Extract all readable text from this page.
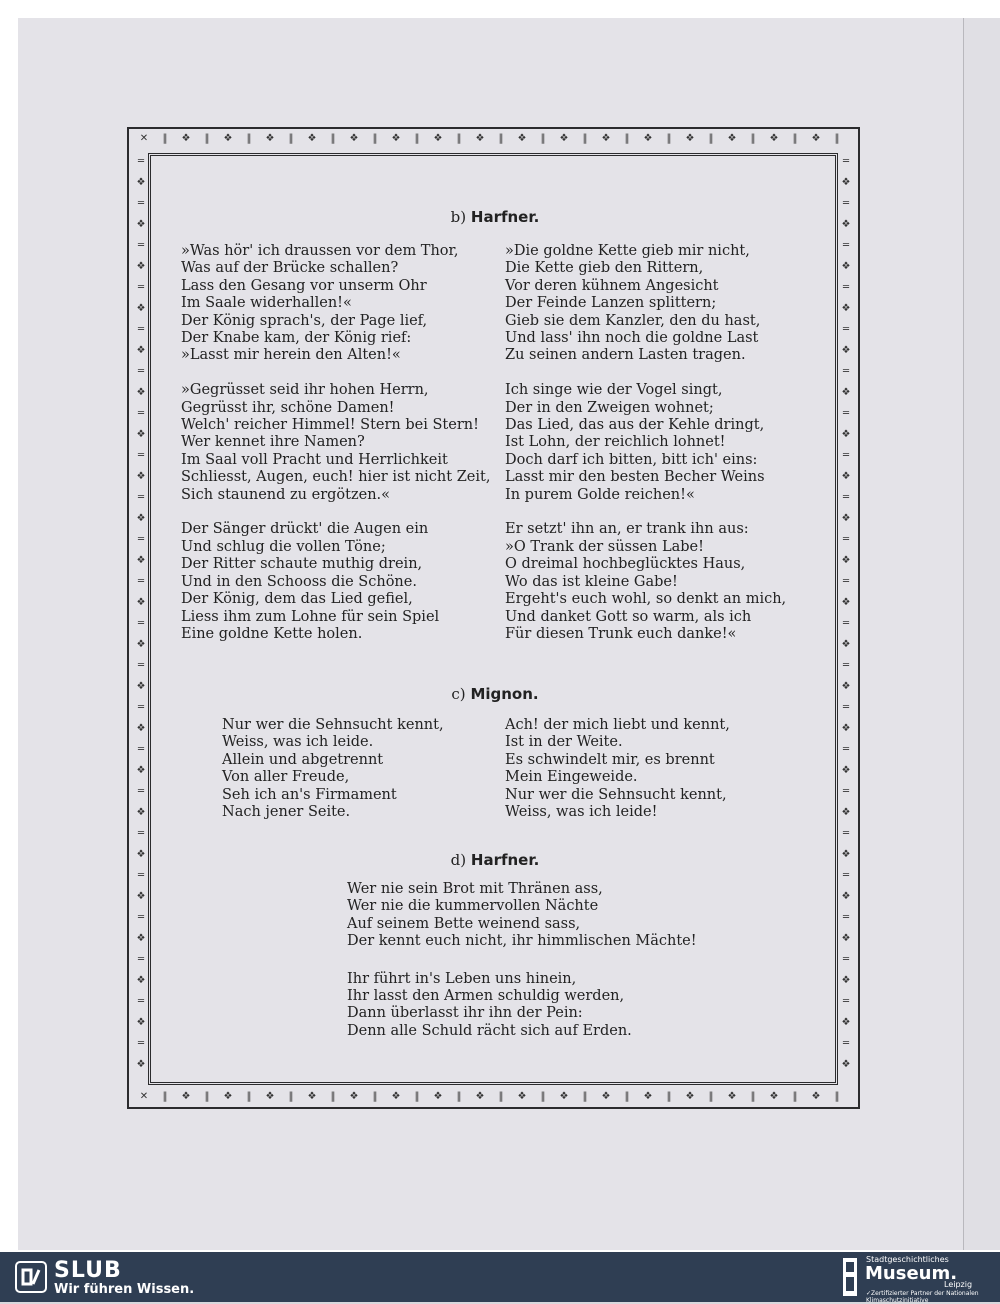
✕
✕
‖
‖
❖
❖
‖
‖
❖
❖
‖
‖
❖
❖
‖
‖
❖
❖
‖
‖
❖
❖
‖
‖
❖
❖
‖
‖
❖
❖
‖
‖
❖
❖
‖
‖
❖
❖
‖
‖
❖
❖
‖
‖
❖
❖
‖
‖
❖
❖
‖
‖
❖
❖
‖
‖
❖
❖
‖
‖
❖
❖
‖
‖
❖
❖
‖
‖
═	═
❖	❖
═	═
❖	❖
═	═
❖	❖
═	═
❖	❖
═	═
❖	❖
═	═
❖	❖
═	═
❖	❖
═	═
❖	❖
═	═
❖	❖
═	═
❖	❖
═	═
❖	❖
═	═
❖	❖
═	═
❖	❖
═	═
❖	❖
═	═
❖	❖
═	═
❖	❖
═	═
❖	❖
═	═
❖	❖
═	═
❖	❖
═	═
❖	❖
═	═
❖	❖
═	═
❖	❖
b) Harfner.
»Was hör' ich draussen vor dem Thor,
Was auf der Brücke schallen?
Lass den Gesang vor unserm Ohr
Im Saale widerhallen!«
Der König sprach's, der Page lief,
Der Knabe kam, der König rief:
»Lasst mir herein den Alten!«
»Gegrüsset seid ihr hohen Herrn,
Gegrüsst ihr, schöne Damen!
Welch' reicher Himmel! Stern bei Stern!
Wer kennet ihre Namen?
Im Saal voll Pracht und Herrlichkeit
Schliesst, Augen, euch! hier ist nicht Zeit,
Sich staunend zu ergötzen.«
Der Sänger drückt' die Augen ein
Und schlug die vollen Töne;
Der Ritter schaute muthig drein,
Und in den Schooss die Schöne.
Der König, dem das Lied gefiel,
Liess ihm zum Lohne für sein Spiel
Eine goldne Kette holen.
»Die goldne Kette gieb mir nicht,
Die Kette gieb den Rittern,
Vor deren kühnem Angesicht
Der Feinde Lanzen splittern;
Gieb sie dem Kanzler, den du hast,
Und lass' ihn noch die goldne Last
Zu seinen andern Lasten tragen.
Ich singe wie der Vogel singt,
Der in den Zweigen wohnet;
Das Lied, das aus der Kehle dringt,
Ist Lohn, der reichlich lohnet!
Doch darf ich bitten, bitt ich' eins:
Lasst mir den besten Becher Weins
In purem Golde reichen!«
Er setzt' ihn an, er trank ihn aus:
»O Trank der süssen Labe!
O dreimal hochbeglücktes Haus,
Wo das ist kleine Gabe!
Ergeht's euch wohl, so denkt an mich,
Und danket Gott so warm, als ich
Für diesen Trunk euch danke!«
c) Mignon.
Nur wer die Sehnsucht kennt,
Weiss, was ich leide.
Allein und abgetrennt
Von aller Freude,
Seh ich an's Firmament
Nach jener Seite.
Ach! der mich liebt und kennt,
Ist in der Weite.
Es schwindelt mir, es brennt
Mein Eingeweide.
Nur wer die Sehnsucht kennt,
Weiss, was ich leide!
d) Harfner.
Wer nie sein Brot mit Thränen ass,
Wer nie die kummervollen Nächte
Auf seinem Bette weinend sass,
Der kennt euch nicht, ihr himmlischen Mächte!
Ihr führt in's Leben uns hinein,
Ihr lasst den Armen schuldig werden,
Dann überlasst ihr ihn der Pein:
Denn alle Schuld rächt sich auf Erden.
SLUB
Wir führen Wissen.
Stadtgeschichtliches
Museum.
Leipzig
✓Zertifizierter Partner der Nationalen Klimaschutzinitiative
